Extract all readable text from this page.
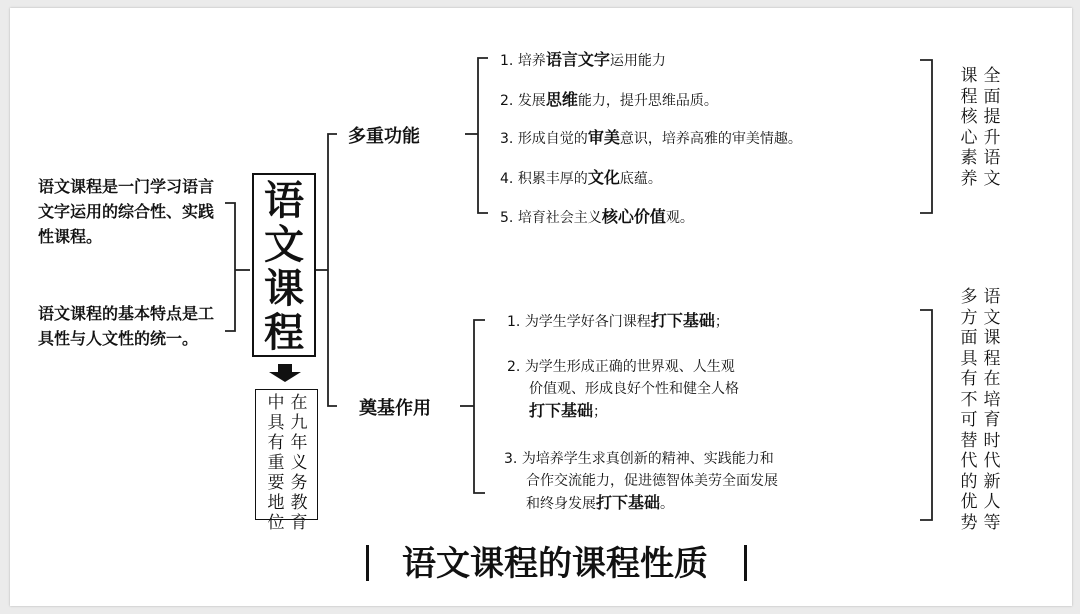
语文课程是一门学习语言文字运用的综合性、实践性课程。
语文课程的基本特点是工具性与人文性的统一。
语
文
课
程
在九年义务教育
中具有重要地位
多重功能
奠基作用
1. 培养语言文字运用能力
2. 发展思维能力，提升思维品质。
3. 形成自觉的审美意识，培养高雅的审美情趣。
4. 积累丰厚的文化底蕴。
5. 培育社会主义核心价值观。
全面提升语文
课程核心素养
1. 为学生学好各门课程打下基础；
2. 为学生形成正确的世界观、人生观
价值观、形成良好个性和健全人格
打下基础；
3. 为培养学生求真创新的精神、实践能力和
合作交流能力，促进德智体美劳全面发展
和终身发展打下基础。
语文课程在培育时代新人等
多方面具有不可替代的优势
语文课程的课程性质
